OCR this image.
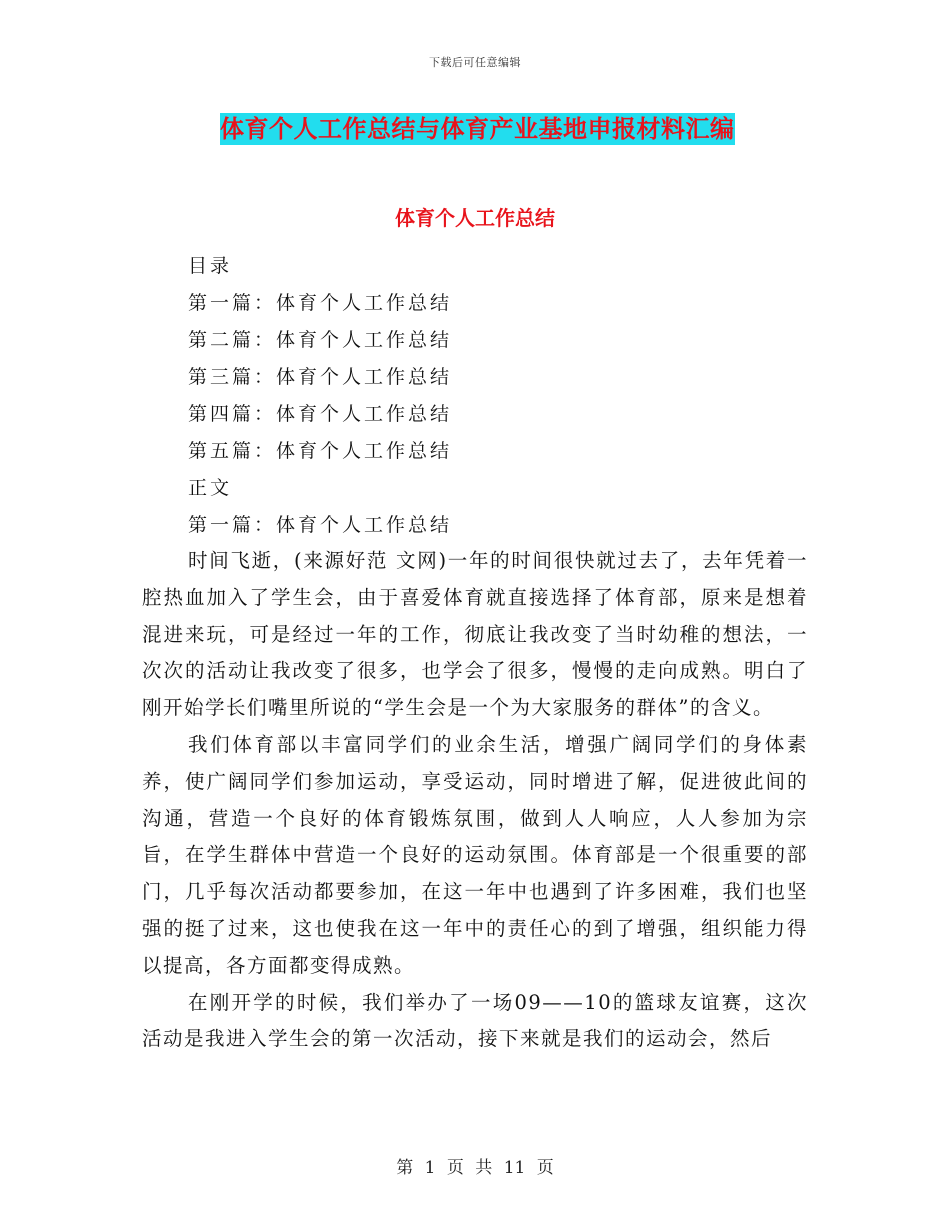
下载后可任意编辑
体育个人工作总结与体育产业基地申报材料汇编
体育个人工作总结
目录
第一篇：体育个人工作总结
第二篇：体育个人工作总结
第三篇：体育个人工作总结
第四篇：体育个人工作总结
第五篇：体育个人工作总结
正文
第一篇：体育个人工作总结

时间飞逝，(来源好范 文网)一年的时间很快就过去了，去年凭着一腔热血加入了学生会，由于喜爱体育就直接选择了体育部，原来是想着混进来玩，可是经过一年的工作，彻底让我改变了当时幼稚的想法，一次次的活动让我改变了很多，也学会了很多，慢慢的走向成熟。明白了刚开始学长们嘴里所说的“学生会是一个为大家服务的群体”的含义。

我们体育部以丰富同学们的业余生活，增强广阔同学们的身体素养，使广阔同学们参加运动，享受运动，同时增进了解，促进彼此间的沟通，营造一个良好的体育锻炼氛围，做到人人响应，人人参加为宗旨，在学生群体中营造一个良好的运动氛围。体育部是一个很重要的部门，几乎每次活动都要参加，在这一年中也遇到了许多困难，我们也坚强的挺了过来，这也使我在这一年中的责任心的到了增强，组织能力得以提高，各方面都变得成熟。

在刚开学的时候，我们举办了一场09——10的篮球友谊赛，这次活动是我进入学生会的第一次活动，接下来就是我们的运动会，然后

第 1 页 共 11 页
